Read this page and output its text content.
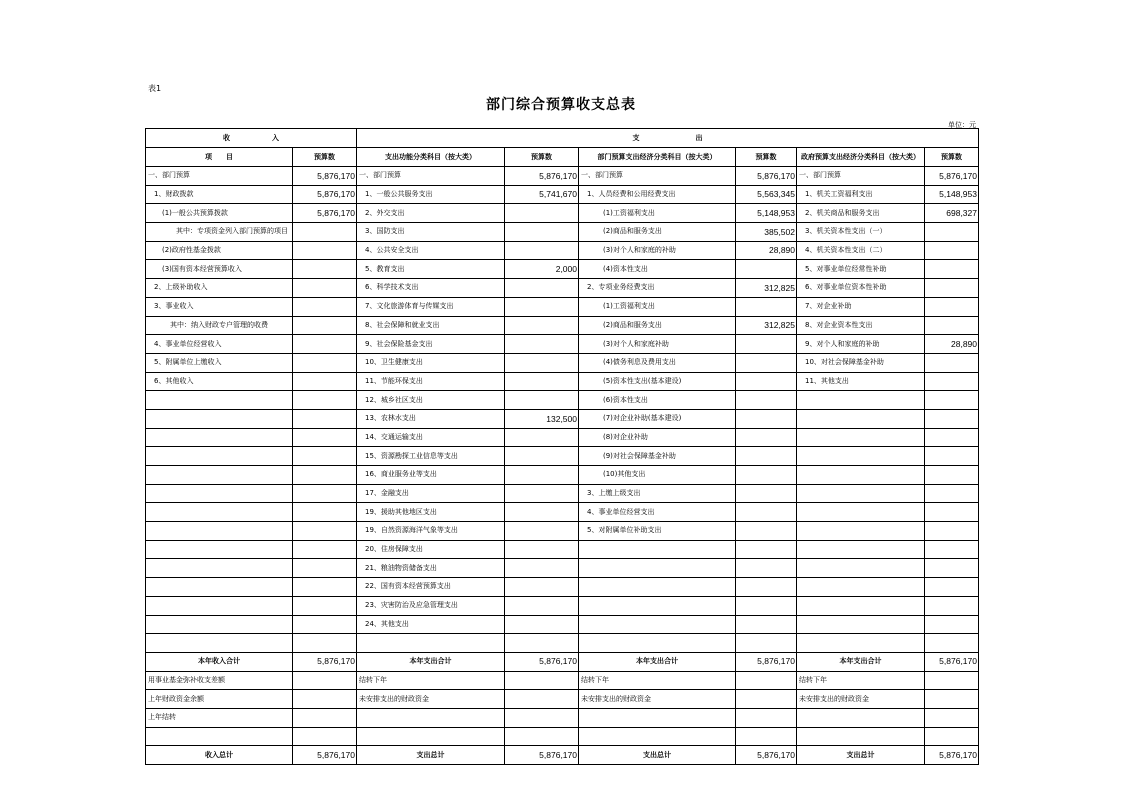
表1
部门综合预算收支总表
单位：元
收　　　　　　入		支　　　　　　　　出					
项　　目	预算数	支出功能分类科目（按大类）	预算数	部门预算支出经济分类科目（按大类）	预算数	政府预算支出经济分类科目（按大类）	预算数
一、部门预算	5,876,170	一、部门预算	5,876,170	一、部门预算	5,876,170	一、部门预算	5,876,170
1、财政拨款	5,876,170	1、一般公共服务支出	5,741,670	1、人员经费和公用经费支出	5,563,345	1、机关工资福利支出	5,148,953
(1)一般公共预算拨款	5,876,170	2、外交支出		(1)工资福利支出	5,148,953	2、机关商品和服务支出	698,327
其中：专项资金列入部门预算的项目		3、国防支出		(2)商品和服务支出	385,502	3、机关资本性支出（一）	
(2)政府性基金拨款		4、公共安全支出		(3)对个人和家庭的补助	28,890	4、机关资本性支出（二）	
(3)国有资本经营预算收入		5、教育支出	2,000	(4)资本性支出		5、对事业单位经常性补助	
2、上级补助收入		6、科学技术支出		2、专项业务经费支出	312,825	6、对事业单位资本性补助	
3、事业收入		7、文化旅游体育与传媒支出		(1)工资福利支出		7、对企业补助	
其中：纳入财政专户管理的收费		8、社会保障和就业支出		(2)商品和服务支出	312,825	8、对企业资本性支出	
4、事业单位经营收入		9、社会保险基金支出		(3)对个人和家庭补助		9、对个人和家庭的补助	28,890
5、附属单位上缴收入		10、卫生健康支出		(4)债务利息及费用支出		10、对社会保障基金补助	
6、其他收入		11、节能环保支出		(5)资本性支出(基本建设)		11、其他支出	
		12、城乡社区支出		(6)资本性支出			
		13、农林水支出	132,500	(7)对企业补助(基本建设)			
		14、交通运输支出		(8)对企业补助			
		15、资源勘探工业信息等支出		(9)对社会保障基金补助			
		16、商业服务业等支出		(10)其他支出			
		17、金融支出		3、上缴上级支出			
		19、援助其他地区支出		4、事业单位经营支出			
		19、自然资源海洋气象等支出		5、对附属单位补助支出			
		20、住房保障支出					
		21、粮油物资储备支出					
		22、国有资本经营预算支出					
		23、灾害防治及应急管理支出					
		24、其他支出					

本年收入合计	5,876,170	本年支出合计	5,876,170	本年支出合计	5,876,170	本年支出合计	5,876,170
用事业基金弥补收支差额		结转下年		结转下年		结转下年	
上年财政资金余额		未安排支出的财政资金		未安排支出的财政资金		未安排支出的财政资金	
上年结转							

收入总计	5,876,170	支出总计	5,876,170	支出总计	5,876,170	支出总计	5,876,170
